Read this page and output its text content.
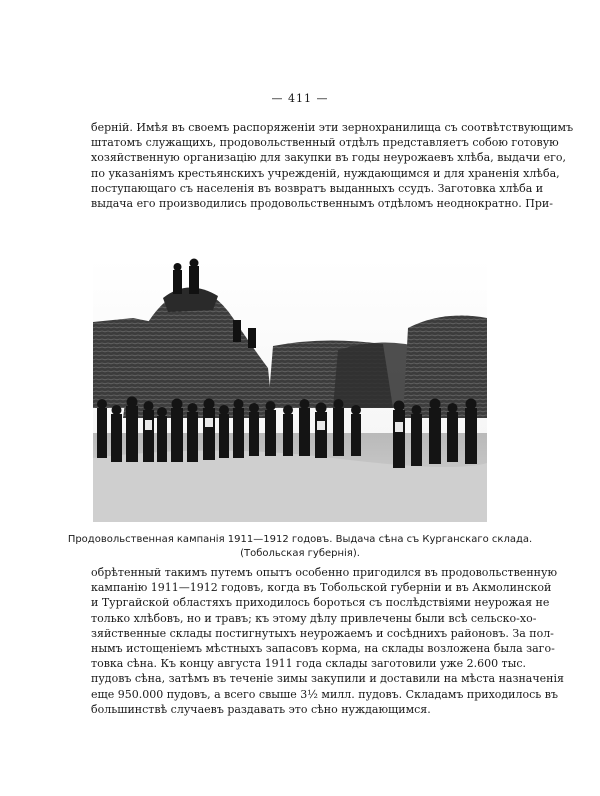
— 411 —
берній. Имѣя въ своемъ распоряженіи эти зернохранилища съ соотвѣтствующимъ
штатомъ служащихъ, продовольственный отдѣлъ представляетъ собою готовую
хозяйственную организацію для закупки въ годы неурожаевъ хлѣба, выдачи его,
по указаніямъ крестьянскихъ учрежденій, нуждающимся и для храненія хлѣба,
поступающаго съ населенія въ возвратъ выданныхъ ссудъ. Заготовка хлѣба и
выдача его производились продовольственнымъ отдѣломъ неоднократно. При-
Продовольственная кампанія 1911—1912 годовъ. Выдача сѣна съ Курганскаго склада.
(Тобольская губернія).
обрѣтенный такимъ путемъ опытъ особенно пригодился въ продовольственную
кампанію 1911—1912 годовъ, когда въ Тобольской губерніи и въ Акмолинской
и Тургайской областяхъ приходилось бороться съ послѣдствіями неурожая не
только хлѣбовъ, но и травъ; къ этому дѣлу привлечены были всѣ сельско-хо-
зяйственные склады постигнутыхъ неурожаемъ и сосѣднихъ районовъ. За пол-
нымъ истощеніемъ мѣстныхъ запасовъ корма, на склады возложена была заго-
товка сѣна. Къ концу августа 1911 года склады заготовили уже 2.600 тыс.
пудовъ сѣна, затѣмъ въ теченіе зимы закупили и доставили на мѣста назначенія
еще 950.000 пудовъ, а всего свыше 3½ милл. пудовъ. Складамъ приходилось въ
большинствѣ случаевъ раздавать это сѣно нуждающимся.
